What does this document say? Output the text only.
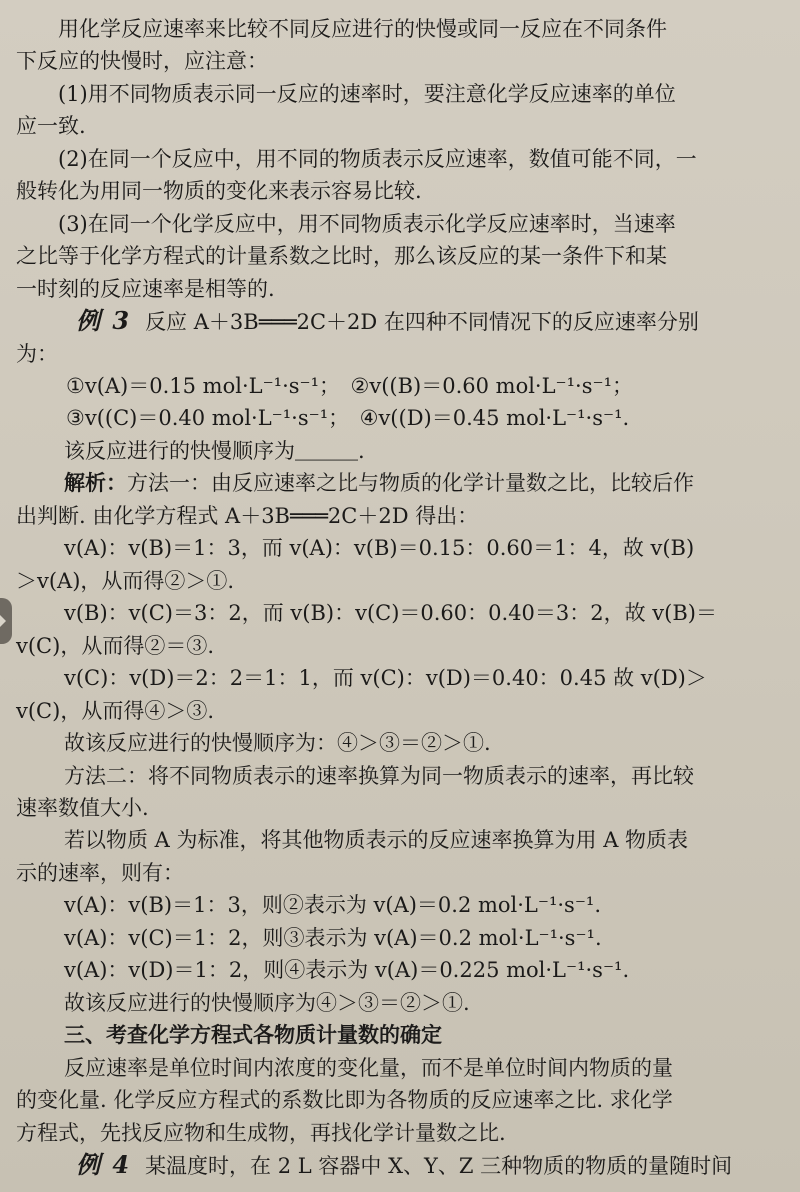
　　用化学反应速率来比较不同反应进行的快慢或同一反应在不同条件
下反应的快慢时，应注意：
　　(1)用不同物质表示同一反应的速率时，要注意化学反应速率的单位
应一致.
　　(2)在同一个反应中，用不同的物质表示反应速率，数值可能不同，一
般转化为用同一物质的变化来表示容易比较.
　　(3)在同一个化学反应中，用不同物质表示化学反应速率时，当速率
之比等于化学方程式的计量系数之比时，那么该反应的某一条件下和某
一时刻的反应速率是相等的.
例 3 反应 A＋3B═══2C＋2D 在四种不同情况下的反应速率分别
为：
①v(A)＝0.15 mol·L⁻¹·s⁻¹；　②v((B)＝0.60 mol·L⁻¹·s⁻¹；
③v((C)＝0.40 mol·L⁻¹·s⁻¹；　④v((D)＝0.45 mol·L⁻¹·s⁻¹.
该反应进行的快慢顺序为＿＿＿.
解析：方法一：由反应速率之比与物质的化学计量数之比，比较后作
出判断. 由化学方程式 A＋3B═══2C＋2D 得出：
v(A)：v(B)＝1：3，而 v(A)：v(B)＝0.15：0.60＝1：4，故 v(B)
＞v(A)，从而得②＞①.
v(B)：v(C)＝3：2，而 v(B)：v(C)＝0.60：0.40＝3：2，故 v(B)＝
v(C)，从而得②＝③.
v(C)：v(D)＝2：2＝1：1，而 v(C)：v(D)＝0.40：0.45 故 v(D)＞
v(C)，从而得④＞③.
故该反应进行的快慢顺序为：④＞③＝②＞①.
方法二：将不同物质表示的速率换算为同一物质表示的速率，再比较
速率数值大小.
若以物质 A 为标准，将其他物质表示的反应速率换算为用 A 物质表
示的速率，则有：
v(A)：v(B)＝1：3，则②表示为 v(A)＝0.2 mol·L⁻¹·s⁻¹.
v(A)：v(C)＝1：2，则③表示为 v(A)＝0.2 mol·L⁻¹·s⁻¹.
v(A)：v(D)＝1：2，则④表示为 v(A)＝0.225 mol·L⁻¹·s⁻¹.
故该反应进行的快慢顺序为④＞③＝②＞①.
三、考查化学方程式各物质计量数的确定
反应速率是单位时间内浓度的变化量，而不是单位时间内物质的量
的变化量. 化学反应方程式的系数比即为各物质的反应速率之比. 求化学
方程式，先找反应物和生成物，再找化学计量数之比.
例 4 某温度时，在 2 L 容器中 X、Y、Z 三种物质的物质的量随时间
